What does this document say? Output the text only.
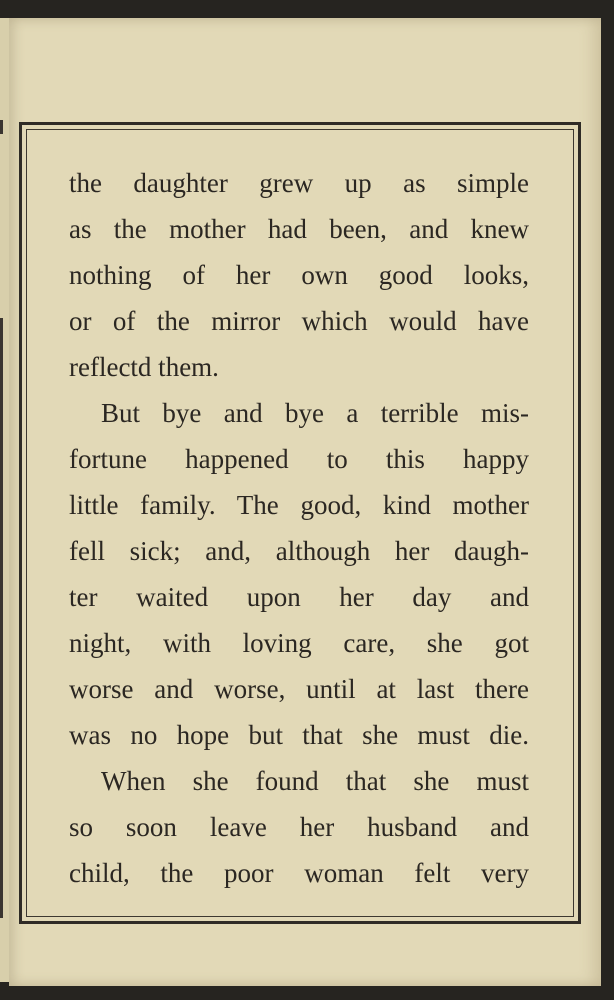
the daughter grew up as simple
as the mother had been, and knew
nothing of her own good looks,
or of the mirror which would have
reflectd them.
But bye and bye a terrible mis-
fortune happened to this happy
little family. The good, kind mother
fell sick; and, although her daugh-
ter waited upon her day and
night, with loving care, she got
worse and worse, until at last there
was no hope but that she must die.
When she found that she must
so soon leave her husband and
child, the poor woman felt very
